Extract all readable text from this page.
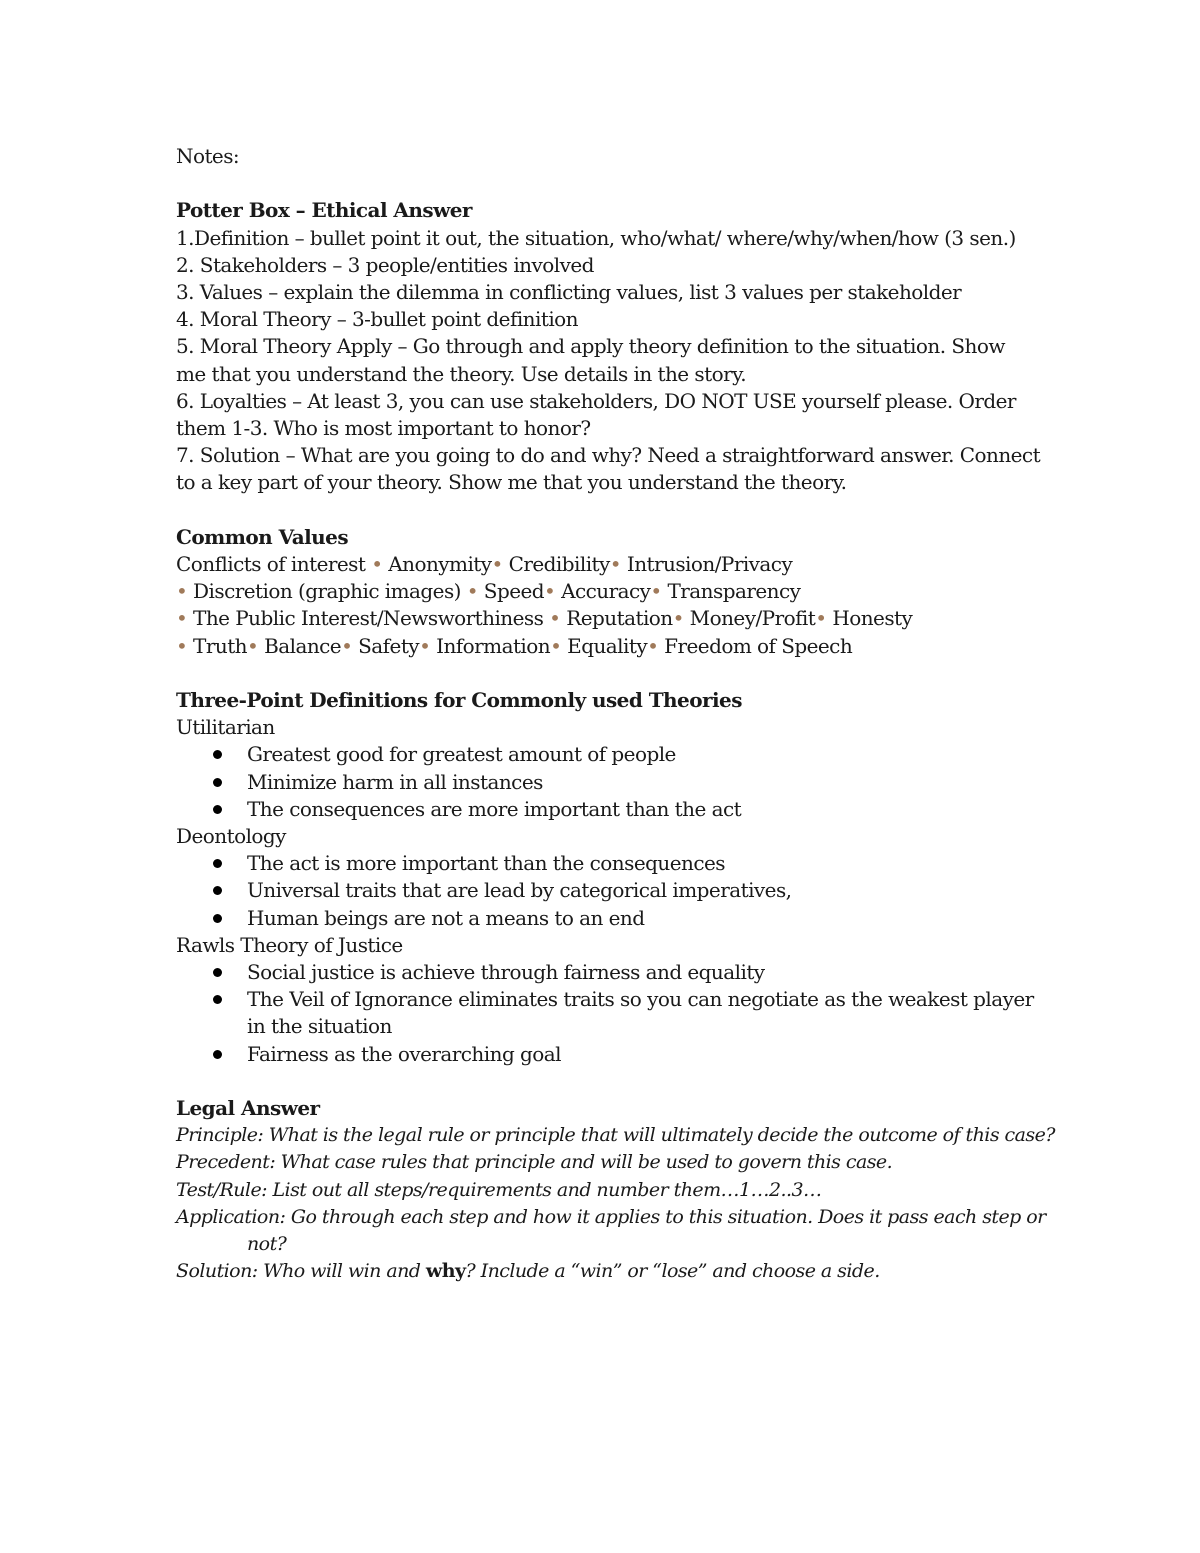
Notes:
Potter Box – Ethical Answer
1.Definition – bullet point it out, the situation, who/what/ where/why/when/how (3 sen.)
2. Stakeholders – 3 people/entities involved
3. Values – explain the dilemma in conflicting values, list 3 values per stakeholder
4. Moral Theory – 3-bullet point definition
5. Moral Theory Apply – Go through and apply theory definition to the situation. Show
me that you understand the theory. Use details in the story.
6. Loyalties – At least 3, you can use stakeholders, DO NOT USE yourself please. Order
them 1-3. Who is most important to honor?
7. Solution – What are you going to do and why? Need a straightforward answer. Connect
to a key part of your theory. Show me that you understand the theory.
Common Values
Conflicts of interest • Anonymity• Credibility• Intrusion/Privacy
• Discretion (graphic images) • Speed• Accuracy• Transparency
• The Public Interest/Newsworthiness • Reputation• Money/Profit• Honesty
• Truth• Balance• Safety• Information• Equality• Freedom of Speech
Three-Point Definitions for Commonly used Theories
Utilitarian
Greatest good for greatest amount of people
Minimize harm in all instances
The consequences are more important than the act
Deontology
The act is more important than the consequences
Universal traits that are lead by categorical imperatives,
Human beings are not a means to an end
Rawls Theory of Justice
Social justice is achieve through fairness and equality
The Veil of Ignorance eliminates traits so you can negotiate as the weakest player in the situation
Fairness as the overarching goal
Legal Answer
Principle: What is the legal rule or principle that will ultimately decide the outcome of this case?
Precedent: What case rules that principle and will be used to govern this case.
Test/Rule: List out all steps/requirements and number them…1…2..3…
Application: Go through each step and how it applies to this situation. Does it pass each step or not?
Solution: Who will win and why? Include a “win” or “lose” and choose a side.
